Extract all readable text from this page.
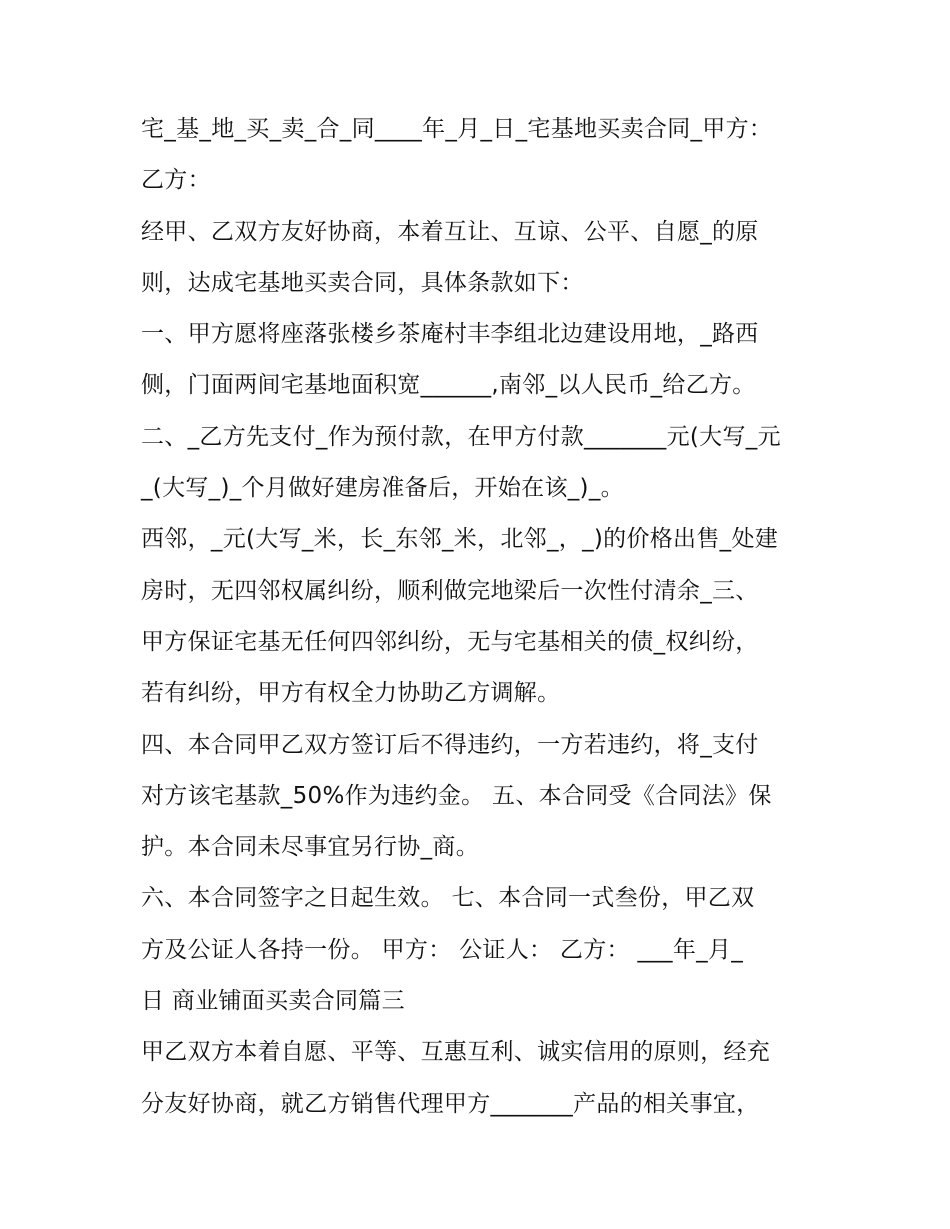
宅_基_地_买_卖_合_同____年_月_日_宅基地买卖合同_甲方：
乙方：
经甲、乙双方友好协商，本着互让、互谅、公平、自愿_的原
则，达成宅基地买卖合同，具体条款如下：
一、甲方愿将座落张楼乡茶庵村丰李组北边建设用地，_路西
侧，门面两间宅基地面积宽______,南邻_以人民币_给乙方。
二、_乙方先支付_作为预付款，在甲方付款_______元(大写_元
_(大写_)_个月做好建房准备后，开始在该_)_。
西邻，_元(大写_米，长_东邻_米，北邻_，_)的价格出售_处建
房时，无四邻权属纠纷，顺利做完地梁后一次性付清余_三、
甲方保证宅基无任何四邻纠纷，无与宅基相关的债_权纠纷，
若有纠纷，甲方有权全力协助乙方调解。
四、本合同甲乙双方签订后不得违约，一方若违约，将_支付
对方该宅基款_50%作为违约金。 五、本合同受《合同法》保
护。本合同未尽事宜另行协_商。
六、本合同签字之日起生效。 七、本合同一式叁份，甲乙双
方及公证人各持一份。 甲方： 公证人： 乙方： ___年_月_
日 商业铺面买卖合同篇三
甲乙双方本着自愿、平等、互惠互利、诚实信用的原则，经充
分友好协商，就乙方销售代理甲方_______产品的相关事宜，
